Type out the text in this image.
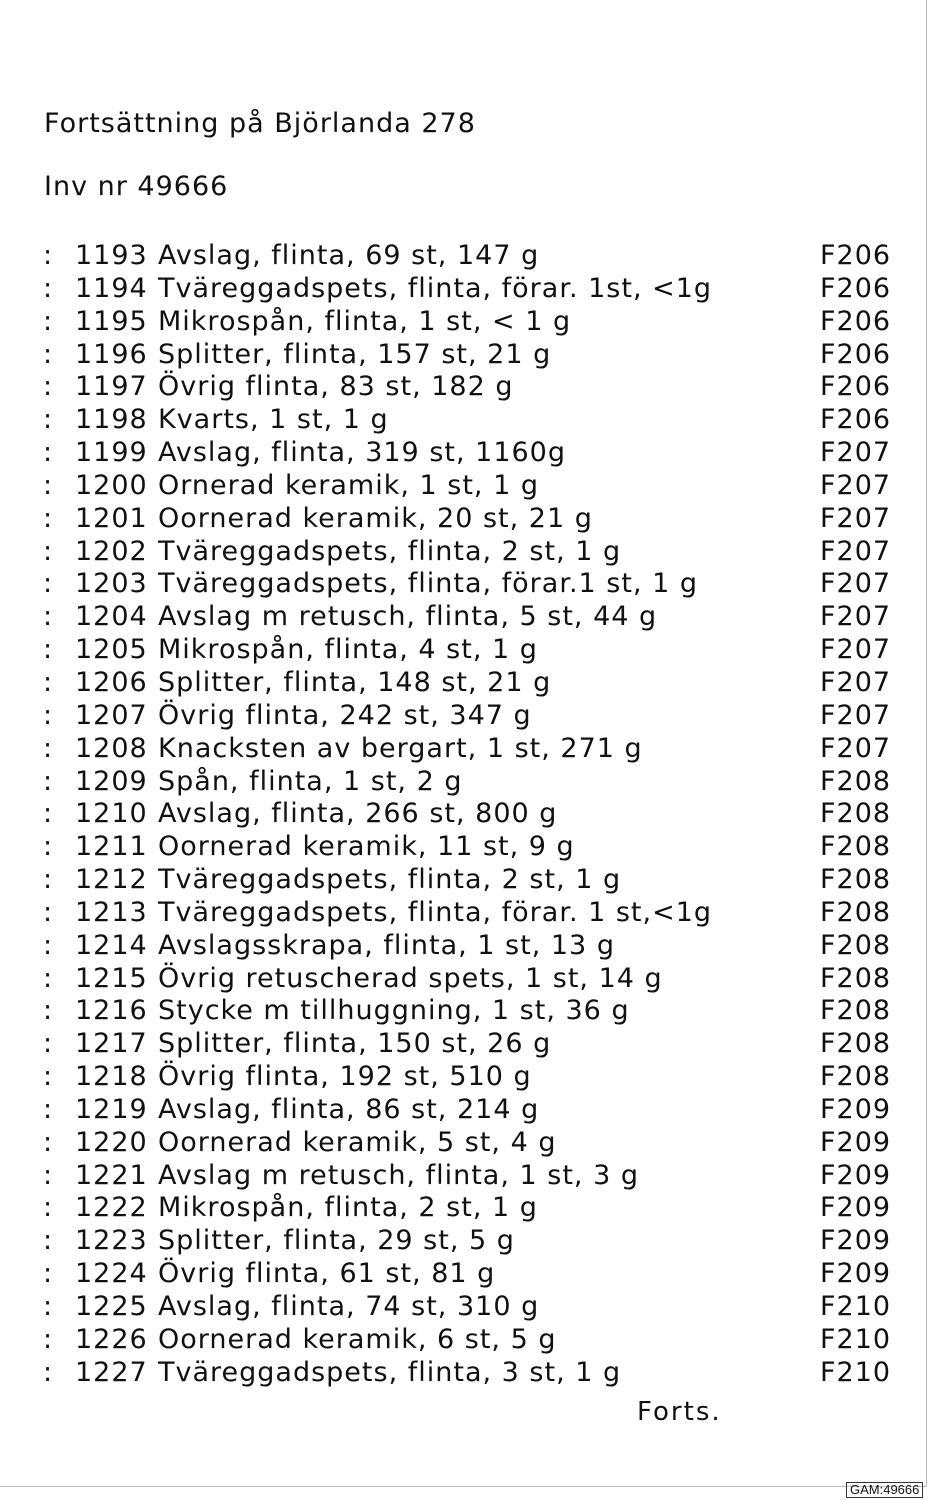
Fortsättning på Björlanda 278
Inv nr 49666
: 1193 Avslag, flinta, 69 st, 147 g	F206
: 1194 Tväreggadspets, flinta, förar. 1st, <1g	F206
: 1195 Mikrospån, flinta, 1 st, < 1 g	F206
: 1196 Splitter, flinta, 157 st, 21 g	F206
: 1197 Övrig flinta, 83 st, 182 g	F206
: 1198 Kvarts, 1 st, 1 g	F206
: 1199 Avslag, flinta, 319 st, 1160g	F207
: 1200 Ornerad keramik, 1 st, 1 g	F207
: 1201 Oornerad keramik, 20 st, 21 g	F207
: 1202 Tväreggadspets, flinta, 2 st, 1 g	F207
: 1203 Tväreggadspets, flinta, förar.1 st, 1 g	F207
: 1204 Avslag m retusch, flinta, 5 st, 44 g	F207
: 1205 Mikrospån, flinta, 4 st, 1 g	F207
: 1206 Splitter, flinta, 148 st, 21 g	F207
: 1207 Övrig flinta, 242 st, 347 g	F207
: 1208 Knacksten av bergart, 1 st, 271 g	F207
: 1209 Spån, flinta, 1 st, 2 g	F208
: 1210 Avslag, flinta, 266 st, 800 g	F208
: 1211 Oornerad keramik, 11 st, 9 g	F208
: 1212 Tväreggadspets, flinta, 2 st, 1 g	F208
: 1213 Tväreggadspets, flinta, förar. 1 st,<1g	F208
: 1214 Avslagsskrapa, flinta, 1 st, 13 g	F208
: 1215 Övrig retuscherad spets, 1 st, 14 g	F208
: 1216 Stycke m tillhuggning, 1 st, 36 g	F208
: 1217 Splitter, flinta, 150 st, 26 g	F208
: 1218 Övrig flinta, 192 st, 510 g	F208
: 1219 Avslag, flinta, 86 st, 214 g	F209
: 1220 Oornerad keramik, 5 st, 4 g	F209
: 1221 Avslag m retusch, flinta, 1 st, 3 g	F209
: 1222 Mikrospån, flinta, 2 st, 1 g	F209
: 1223 Splitter, flinta, 29 st, 5 g	F209
: 1224 Övrig flinta, 61 st, 81 g	F209
: 1225 Avslag, flinta, 74 st, 310 g	F210
: 1226 Oornerad keramik, 6 st, 5 g	F210
: 1227 Tväreggadspets, flinta, 3 st, 1 g	F210
Forts.
GAM:49666
